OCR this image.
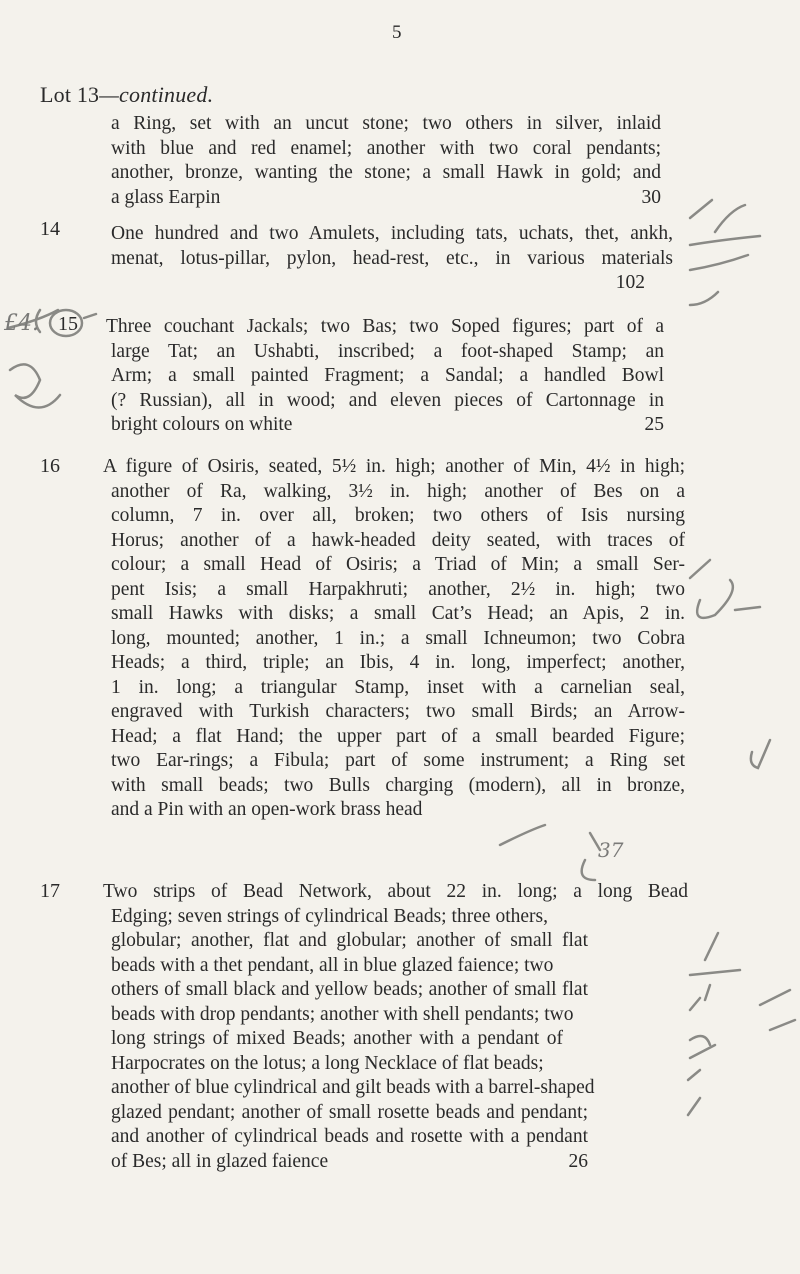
5
Lot 13—continued.
a Ring, set with an uncut stone; two others in silver, inlaid
with blue and red enamel; another with two coral pendants;
another, bronze, wanting the stone; a small Hawk in gold; and
a glass Earpin	30
14	One hundred and two Amulets, including tats, uchats, thet, ankh,
menat, lotus-pillar, pylon, head-rest, etc., in various materials

102
15 Three couchant Jackals; two Bas; two Soped figures; part of a
large Tat; an Ushabti, inscribed; a foot-shaped Stamp; an
Arm; a small painted Fragment; a Sandal; a handled Bowl
(? Russian), all in wood; and eleven pieces of Cartonnage in
bright colours on white	25
16 A figure of Osiris, seated, 5½ in. high; another of Min, 4½ in high;
another of Ra, walking, 3½ in. high; another of Bes on a
column, 7 in. over all, broken; two others of Isis nursing
Horus; another of a hawk-headed deity seated, with traces of
colour; a small Head of Osiris; a Triad of Min; a small Ser-
pent Isis; a small Harpakhruti; another, 2½ in. high; two
small Hawks with disks; a small Cat’s Head; an Apis, 2 in.
long, mounted; another, 1 in.; a small Ichneumon; two Cobra
Heads; a third, triple; an Ibis, 4 in. long, imperfect; another,
1 in. long; a triangular Stamp, inset with a carnelian seal,
engraved with Turkish characters; two small Birds; an Arrow-
Head; a flat Hand; the upper part of a small bearded Figure;
two Ear-rings; a Fibula; part of some instrument; a Ring set
with small beads; two Bulls charging (modern), all in bronze,
and a Pin with an open-work brass head
17 Two strips of Bead Network, about 22 in. long; a long Bead
Edging; seven strings of cylindrical Beads; three others,
globular; another, flat and globular; another of small flat
beads with a thet pendant, all in blue glazed faience; two
others of small black and yellow beads; another of small flat
beads with drop pendants; another with shell pendants; two
long strings of mixed Beads; another with a pendant of
Harpocrates on the lotus; a long Necklace of flat beads;
another of blue cylindrical and gilt beads with a barrel-shaped
glazed pendant; another of small rosette beads and pendant;
and another of cylindrical beads and rosette with a pendant
of Bes; all in glazed faience	26
£4.
37
